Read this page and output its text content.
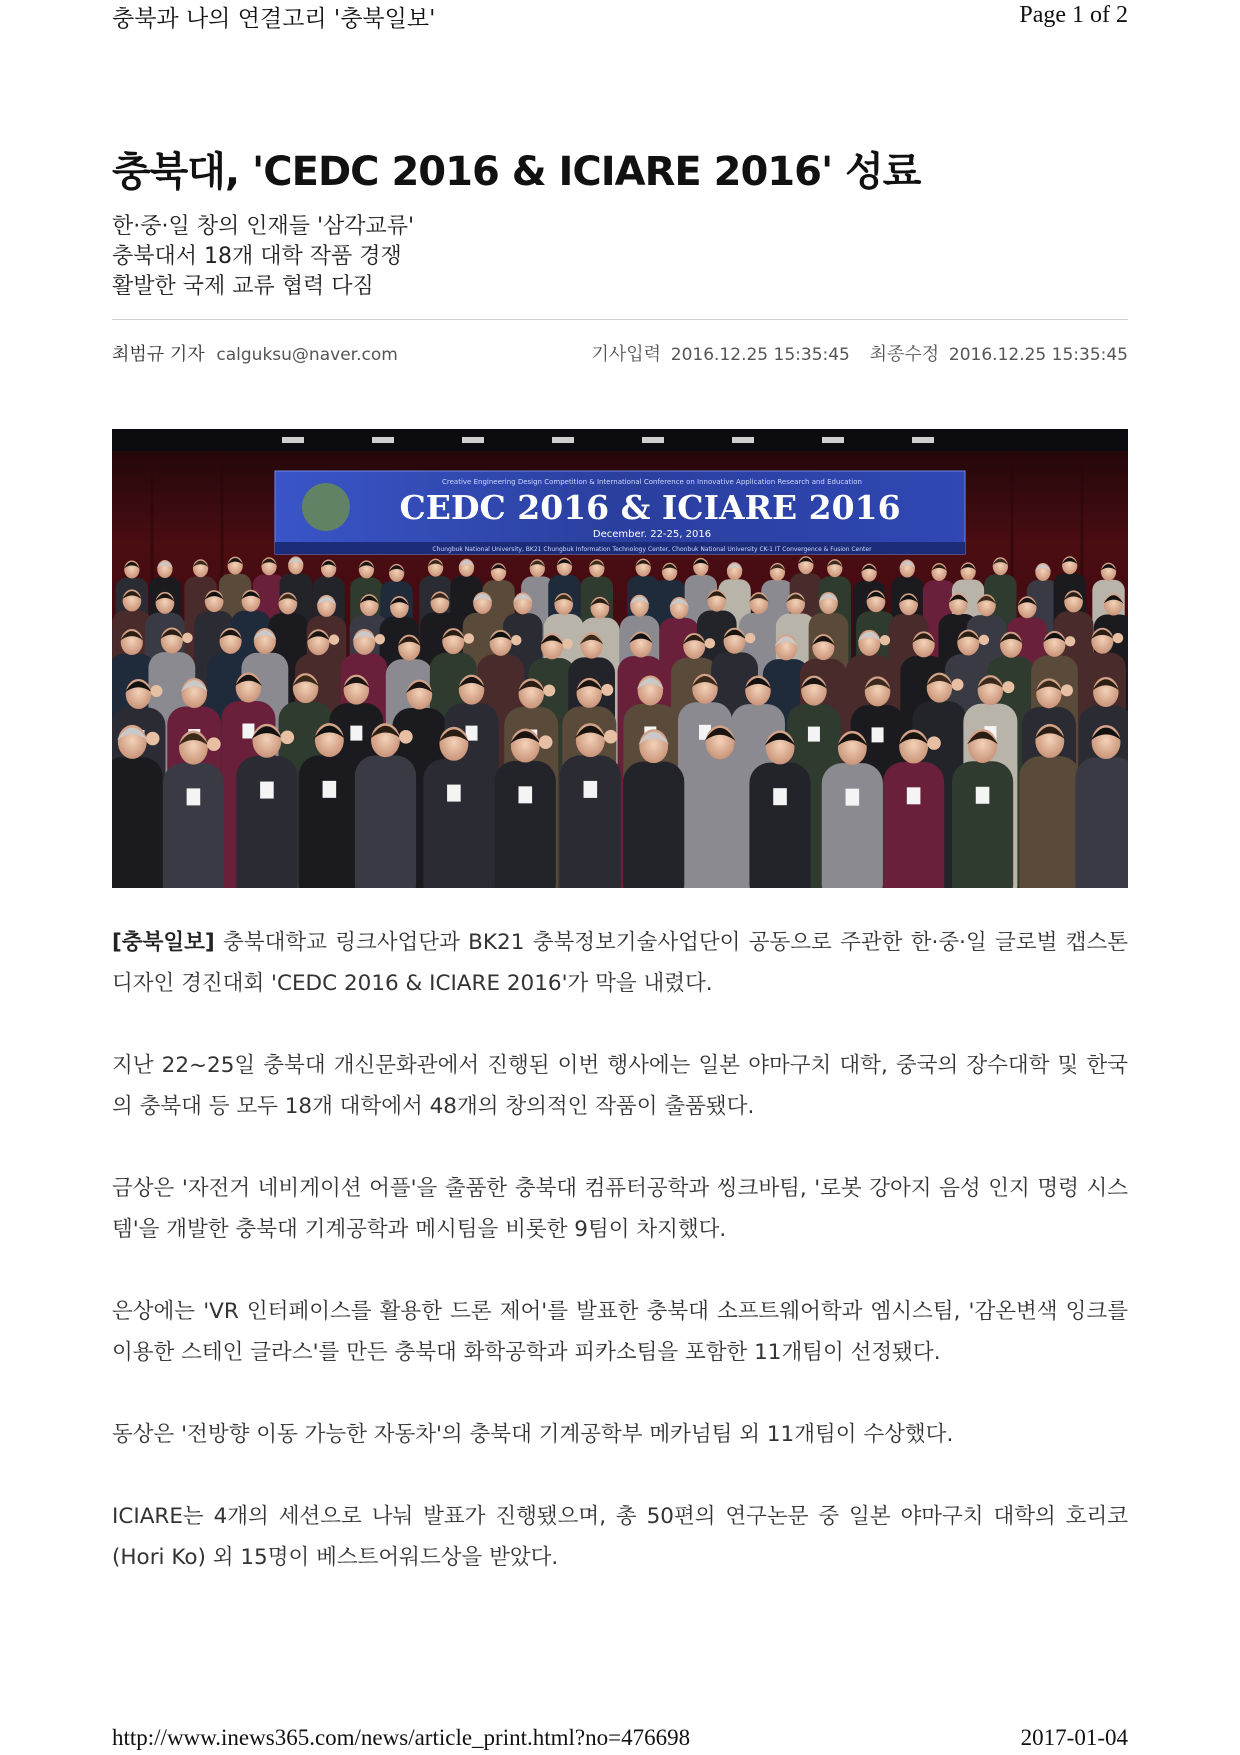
충북과 나의 연결고리 '충북일보'	Page 1 of 2
충북대, 'CEDC 2016 & ICIARE 2016' 성료
한·중·일 창의 인재들 '삼각교류'
충북대서 18개 대학 작품 경쟁
활발한 국제 교류 협력 다짐
최범규 기자 calguksu@naver.com	기사입력 2016.12.25 15:35:45 최종수정 2016.12.25 15:35:45
Creative Engineering Design Competition & International Conference on Innovative Application Research and Education
CEDC 2016 & ICIARE 2016
December. 22-25, 2016
Chungbuk National University, BK21 Chungbuk Information Technology Center, Chonbuk National University CK-1 IT Convergence & Fusion Center

[충북일보] 충북대학교 링크사업단과 BK21 충북정보기술사업단이 공동으로 주관한 한·중·일 글로벌 캡스톤디자인 경진대회 'CEDC 2016 & ICIARE 2016'가 막을 내렸다.

지난 22~25일 충북대 개신문화관에서 진행된 이번 행사에는 일본 야마구치 대학, 중국의 장수대학 및 한국의 충북대 등 모두 18개 대학에서 48개의 창의적인 작품이 출품됐다.

금상은 '자전거 네비게이션 어플'을 출품한 충북대 컴퓨터공학과 씽크바팀, '로봇 강아지 음성 인지 명령 시스템'을 개발한 충북대 기계공학과 메시팀을 비롯한 9팀이 차지했다.

은상에는 'VR 인터페이스를 활용한 드론 제어'를 발표한 충북대 소프트웨어학과 엠시스팀, '감온변색 잉크를 이용한 스테인 글라스'를 만든 충북대 화학공학과 피카소팀을 포함한 11개팀이 선정됐다.

동상은 '전방향 이동 가능한 자동차'의 충북대 기계공학부 메카넘팀 외 11개팀이 수상했다.

ICIARE는 4개의 세션으로 나눠 발표가 진행됐으며, 총 50편의 연구논문 중 일본 야마구치 대학의 호리코(Hori Ko) 외 15명이 베스트어워드상을 받았다.

http://www.inews365.com/news/article_print.html?no=476698	2017-01-04
